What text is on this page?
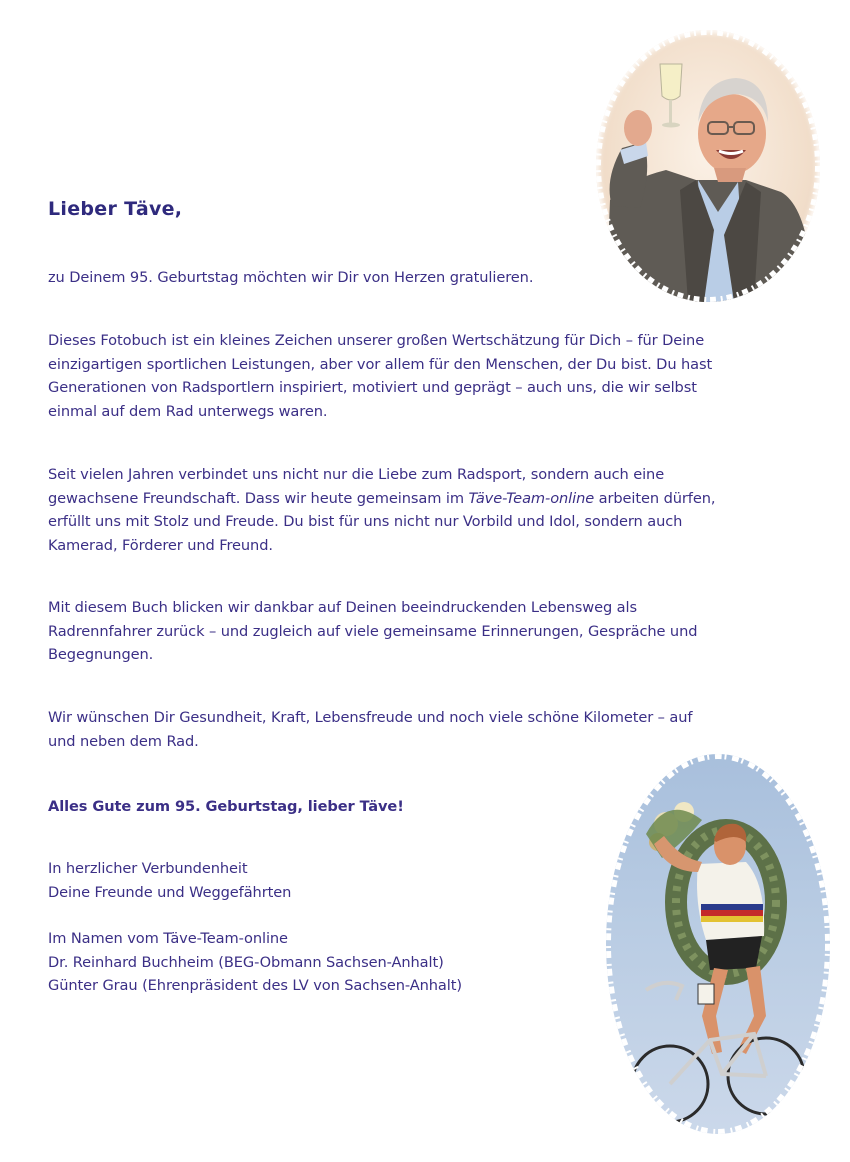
Lieber Täve,

zu Deinem 95. Geburtstag möchten wir Dir von Herzen gratulieren.

Dieses Fotobuch ist ein kleines Zeichen unserer großen Wertschätzung für Dich – für Deine
einzigartigen sportlichen Leistungen, aber vor allem für den Menschen, der Du bist. Du hast
Generationen von Radsportlern inspiriert, motiviert und geprägt – auch uns, die wir selbst
einmal auf dem Rad unterwegs waren.
Seit vielen Jahren verbindet uns nicht nur die Liebe zum Radsport, sondern auch eine
gewachsene Freundschaft. Dass wir heute gemeinsam im Täve-Team-online arbeiten dürfen,
erfüllt uns mit Stolz und Freude. Du bist für uns nicht nur Vorbild und Idol, sondern auch
Kamerad, Förderer und Freund.
Mit diesem Buch blicken wir dankbar auf Deinen beeindruckenden Lebensweg als
Radrennfahrer zurück – und zugleich auf viele gemeinsame Erinnerungen, Gespräche und
Begegnungen.
Wir wünschen Dir Gesundheit, Kraft, Lebensfreude und noch viele schöne Kilometer – auf
und neben dem Rad.

Alles Gute zum 95. Geburtstag, lieber Täve!

In herzlicher Verbundenheit
Deine Freunde und Weggefährten
Im Namen vom Täve-Team-online
Dr. Reinhard Buchheim (BEG-Obmann Sachsen-Anhalt)
Günter Grau (Ehrenpräsident des LV von Sachsen-Anhalt)
